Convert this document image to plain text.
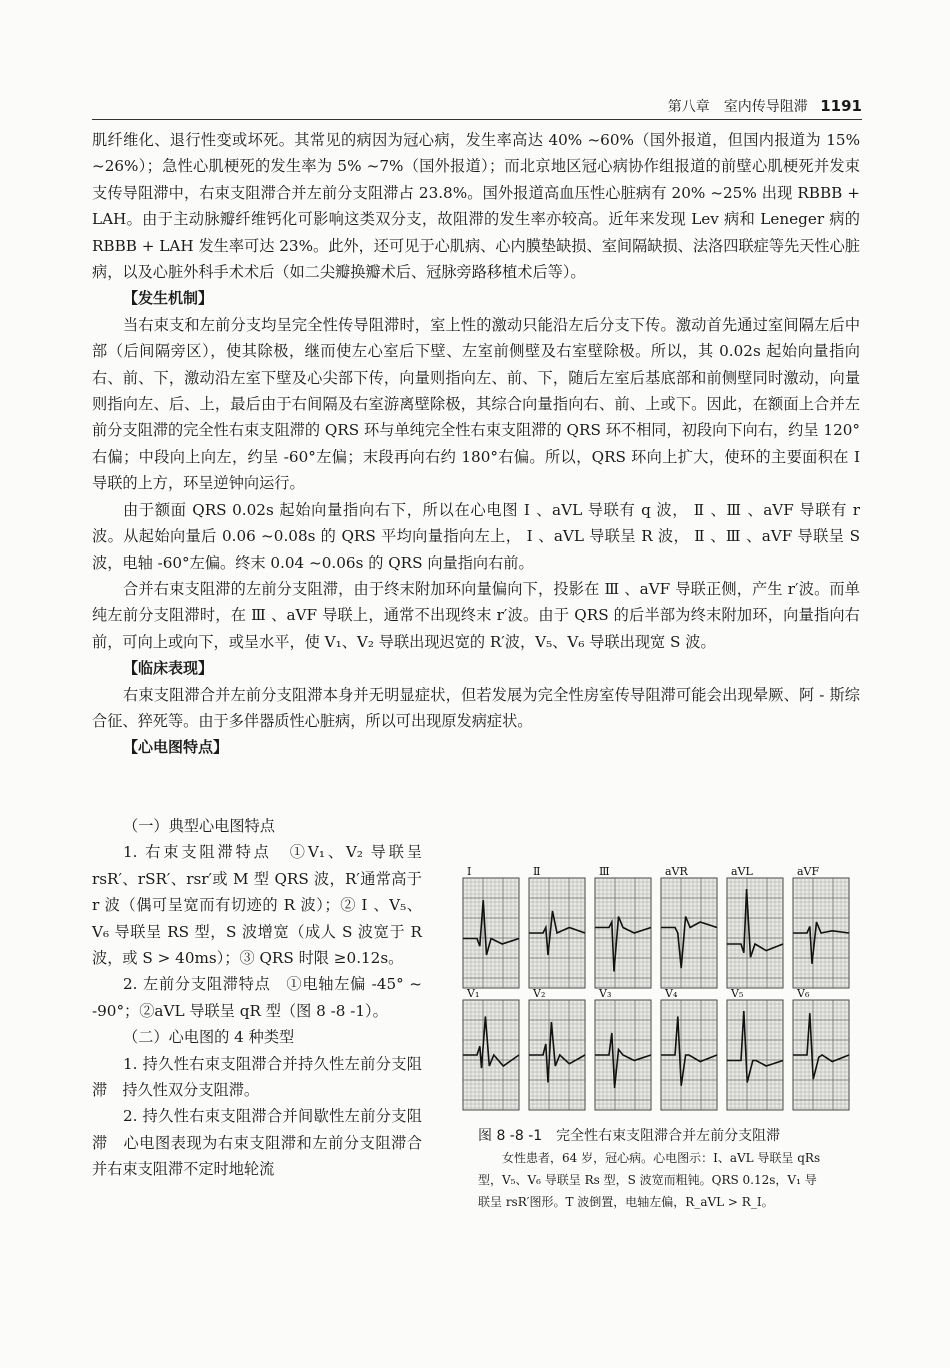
第八章　室内传导阻滞 1191

肌纤维化、退行性变或坏死。其常见的病因为冠心病，发生率高达 40% ~60%（国外报道，但国内报道为 15% ~26%）；急性心肌梗死的发生率为 5% ~7%（国外报道）；而北京地区冠心病协作组报道的前壁心肌梗死并发束支传导阻滞中，右束支阻滞合并左前分支阻滞占 23.8%。国外报道高血压性心脏病有 20% ~25% 出现 RBBB + LAH。由于主动脉瓣纤维钙化可影响这类双分支，故阻滞的发生率亦较高。近年来发现 Lev 病和 Leneger 病的 RBBB + LAH 发生率可达 23%。此外，还可见于心肌病、心内膜垫缺损、室间隔缺损、法洛四联症等先天性心脏病，以及心脏外科手术术后（如二尖瓣换瓣术后、冠脉旁路移植术后等）。

【发生机制】

当右束支和左前分支均呈完全性传导阻滞时，室上性的激动只能沿左后分支下传。激动首先通过室间隔左后中部（后间隔旁区），使其除极，继而使左心室后下壁、左室前侧壁及右室壁除极。所以，其 0.02s 起始向量指向右、前、下，激动沿左室下壁及心尖部下传，向量则指向左、前、下，随后左室后基底部和前侧壁同时激动，向量则指向左、后、上，最后由于右间隔及右室游离壁除极，其综合向量指向右、前、上或下。因此，在额面上合并左前分支阻滞的完全性右束支阻滞的 QRS 环与单纯完全性右束支阻滞的 QRS 环不相同，初段向下向右，约呈 120°右偏；中段向上向左，约呈 -60°左偏；末段再向右约 180°右偏。所以，QRS 环向上扩大，使环的主要面积在 Ⅰ 导联的上方，环呈逆钟向运行。

由于额面 QRS 0.02s 起始向量指向右下，所以在心电图 Ⅰ 、aVL 导联有 q 波， Ⅱ 、Ⅲ 、aVF 导联有 r 波。从起始向量后 0.06 ~0.08s 的 QRS 平均向量指向左上， Ⅰ 、aVL 导联呈 R 波， Ⅱ 、Ⅲ 、aVF 导联呈 S 波，电轴 -60°左偏。终末 0.04 ~0.06s 的 QRS 向量指向右前。

合并右束支阻滞的左前分支阻滞，由于终末附加环向量偏向下，投影在 Ⅲ 、aVF 导联正侧，产生 r′波。而单纯左前分支阻滞时，在 Ⅲ 、aVF 导联上，通常不出现终末 r′波。由于 QRS 的后半部为终末附加环，向量指向右前，可向上或向下，或呈水平，使 V₁、V₂ 导联出现迟宽的 R′波，V₅、V₆ 导联出现宽 S 波。

【临床表现】

右束支阻滞合并左前分支阻滞本身并无明显症状，但若发展为完全性房室传导阻滞可能会出现晕厥、阿 - 斯综合征、猝死等。由于多伴器质性心脏病，所以可出现原发病症状。

【心电图特点】

（一）典型心电图特点

1. 右束支阻滞特点　①V₁、V₂ 导联呈 rsR′、rSR′、rsr′或 M 型 QRS 波，R′通常高于 r 波（偶可呈宽而有切迹的 R 波）；② Ⅰ 、V₅、V₆ 导联呈 RS 型，S 波增宽（成人 S 波宽于 R 波，或 S > 40ms）；③ QRS 时限 ≥0.12s。

2. 左前分支阻滞特点　①电轴左偏 -45° ~ -90°；②aVL 导联呈 qR 型（图 8 -8 -1）。

（二）心电图的 4 种类型

1. 持久性右束支阻滞合并持久性左前分支阻滞　持久性双分支阻滞。

2. 持久性右束支阻滞合并间歇性左前分支阻滞　心电图表现为右束支阻滞和左前分支阻滞合并右束支阻滞不定时地轮流

Ⅰ	Ⅱ	Ⅲ	aVR	aVL	aVF
V₁	V₂	V₃	V₄	V₅	V₆
图 8 -8 -1　完全性右束支阻滞合并左前分支阻滞

女性患者，64 岁，冠心病。心电图示：Ⅰ、aVL 导联呈 qRs 型，V₅、V₆ 导联呈 Rs 型，S 波宽而粗钝。QRS 0.12s，V₁ 导联呈 rsR′图形。T 波倒置，电轴左偏，R_aVL > R_Ⅰ。
